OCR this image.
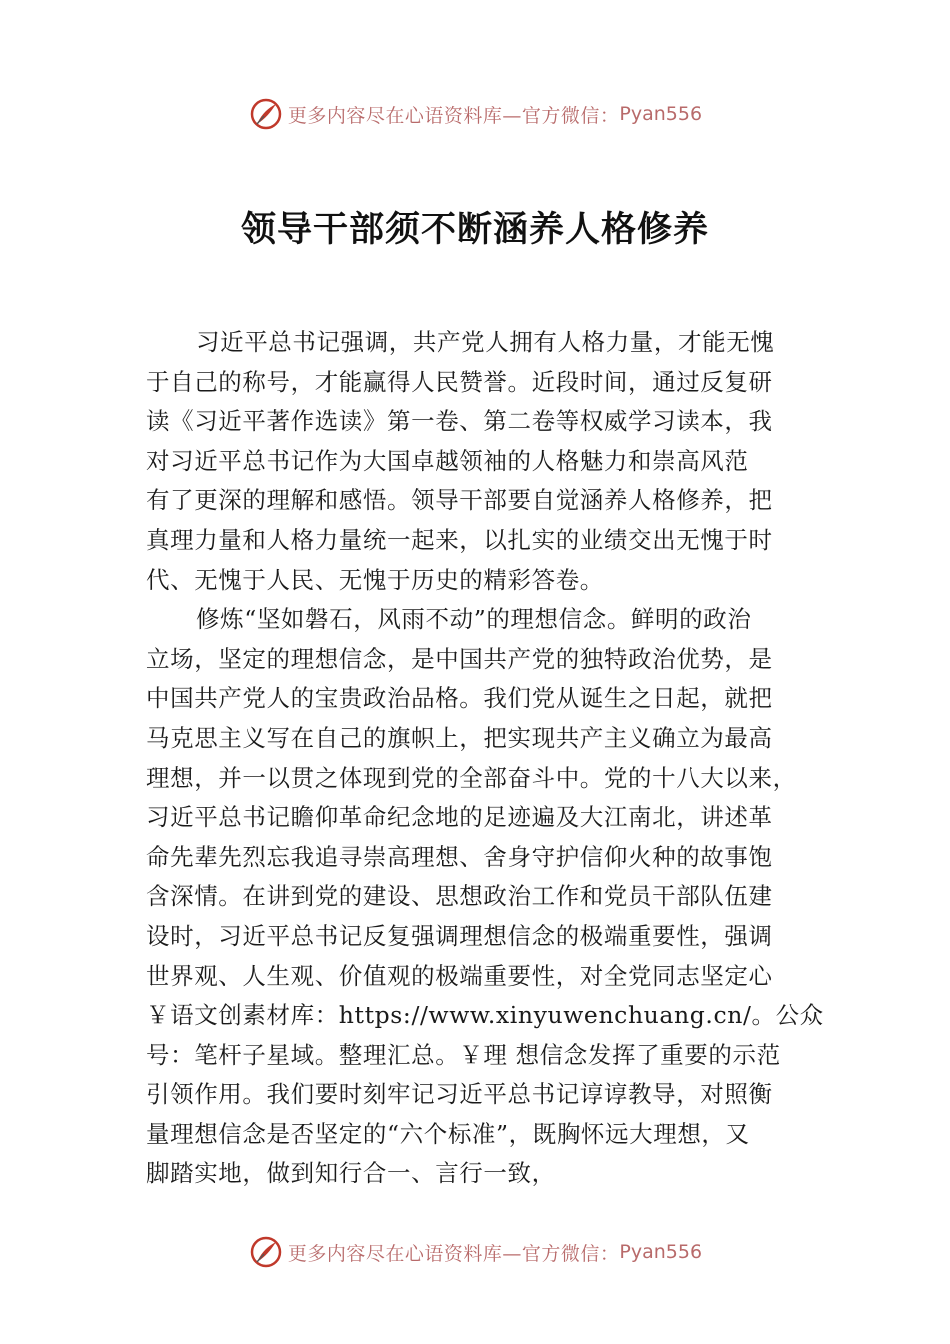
更多内容尽在心语资料库—官方微信： Pyan556
领导干部须不断涵养人格修养
习近平总书记强调，共产党人拥有人格力量，才能无愧
于自己的称号，才能赢得人民赞誉。近段时间，通过反复研
读《习近平著作选读》第一卷、第二卷等权威学习读本，我
对习近平总书记作为大国卓越领袖的人格魅力和崇高风范
有了更深的理解和感悟。领导干部要自觉涵养人格修养，把
真理力量和人格力量统一起来，以扎实的业绩交出无愧于时
代、无愧于人民、无愧于历史的精彩答卷。
修炼“坚如磐石，风雨不动”的理想信念。鲜明的政治
立场，坚定的理想信念，是中国共产党的独特政治优势，是
中国共产党人的宝贵政治品格。我们党从诞生之日起，就把
马克思主义写在自己的旗帜上，把实现共产主义确立为最高
理想，并一以贯之体现到党的全部奋斗中。党的十八大以来，
习近平总书记瞻仰革命纪念地的足迹遍及大江南北，讲述革
命先辈先烈忘我追寻崇高理想、舍身守护信仰火种的故事饱
含深情。在讲到党的建设、思想政治工作和党员干部队伍建
设时，习近平总书记反复强调理想信念的极端重要性，强调
世界观、人生观、价值观的极端重要性，对全党同志坚定心
￥语文创素材库：https://www.xinyuwenchuang.cn/。公众
号：笔杆子星域。整理汇总。￥理 想信念发挥了重要的示范
引领作用。我们要时刻牢记习近平总书记谆谆教导，对照衡
量理想信念是否坚定的“六个标准”，既胸怀远大理想，又
脚踏实地，做到知行合一、言行一致，
更多内容尽在心语资料库—官方微信： Pyan556
